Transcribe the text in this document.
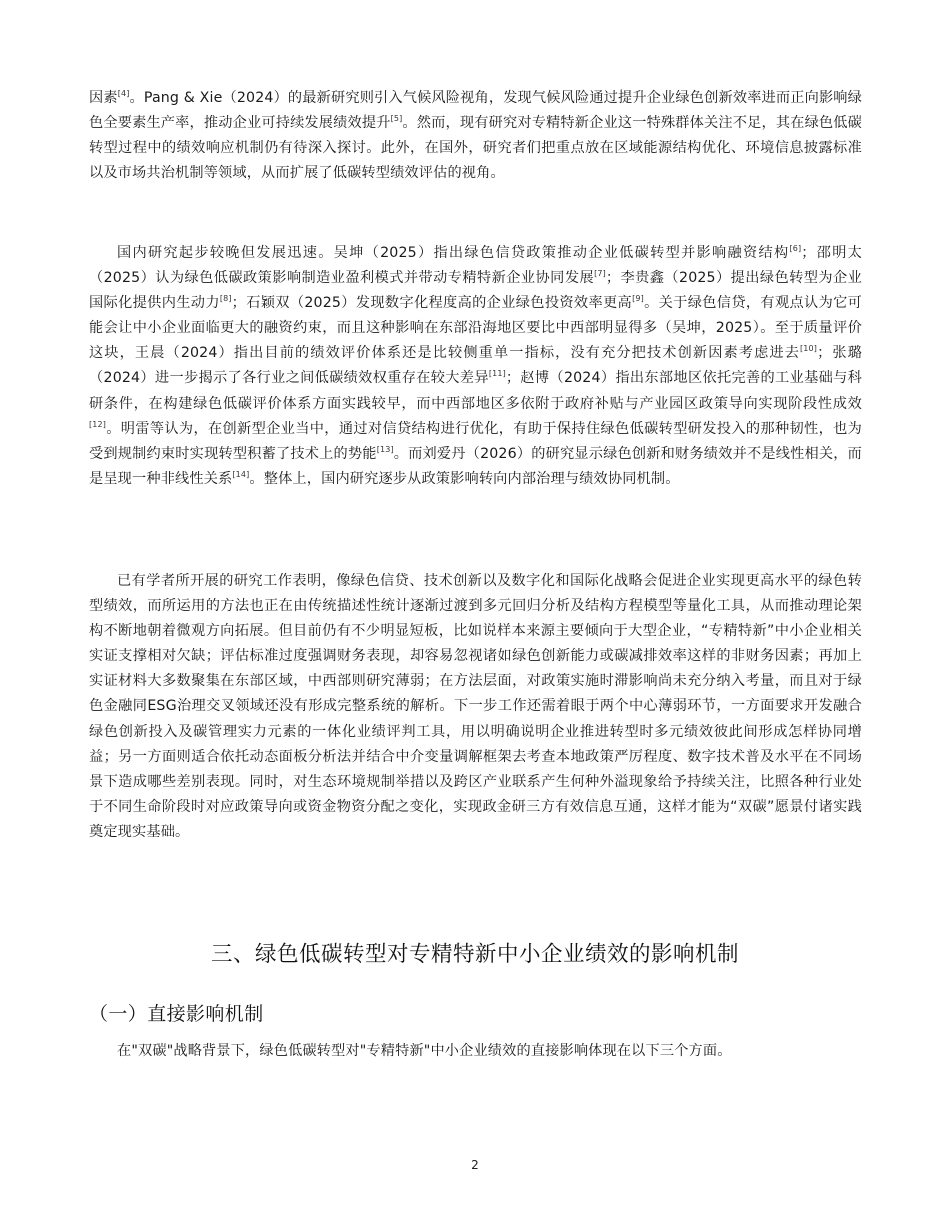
因素[4]。Pang & Xie（2024）的最新研究则引入气候风险视角，发现气候风险通过提升企业绿色创新效率进而正向影响绿色全要素生产率，推动企业可持续发展绩效提升[5]。然而，现有研究对专精特新企业这一特殊群体关注不足，其在绿色低碳转型过程中的绩效响应机制仍有待深入探讨。此外，在国外，研究者们把重点放在区域能源结构优化、环境信息披露标准以及市场共治机制等领域，从而扩展了低碳转型绩效评估的视角。

国内研究起步较晚但发展迅速。吴坤（2025）指出绿色信贷政策推动企业低碳转型并影响融资结构[6]；邵明太（2025）认为绿色低碳政策影响制造业盈利模式并带动专精特新企业协同发展[7]；李贵鑫（2025）提出绿色转型为企业国际化提供内生动力[8]；石颖双（2025）发现数字化程度高的企业绿色投资效率更高[9]。关于绿色信贷，有观点认为它可能会让中小企业面临更大的融资约束，而且这种影响在东部沿海地区要比中西部明显得多（吴坤，2025）。至于质量评价这块，王晨（2024）指出目前的绩效评价体系还是比较侧重单一指标，没有充分把技术创新因素考虑进去[10]；张璐（2024）进一步揭示了各行业之间低碳绩效权重存在较大差异[11]；赵博（2024）指出东部地区依托完善的工业基础与科研条件，在构建绿色低碳评价体系方面实践较早，而中西部地区多依附于政府补贴与产业园区政策导向实现阶段性成效[12]。明雷等认为，在创新型企业当中，通过对信贷结构进行优化，有助于保持住绿色低碳转型研发投入的那种韧性，也为受到规制约束时实现转型积蓄了技术上的势能[13]。而刘爱丹（2026）的研究显示绿色创新和财务绩效并不是线性相关，而是呈现一种非线性关系[14]。整体上，国内研究逐步从政策影响转向内部治理与绩效协同机制。

已有学者所开展的研究工作表明，像绿色信贷、技术创新以及数字化和国际化战略会促进企业实现更高水平的绿色转型绩效，而所运用的方法也正在由传统描述性统计逐渐过渡到多元回归分析及结构方程模型等量化工具，从而推动理论架构不断地朝着微观方向拓展。但目前仍有不少明显短板，比如说样本来源主要倾向于大型企业，“专精特新”中小企业相关实证支撑相对欠缺；评估标准过度强调财务表现，却容易忽视诸如绿色创新能力或碳减排效率这样的非财务因素；再加上实证材料大多数聚集在东部区域，中西部则研究薄弱；在方法层面，对政策实施时滞影响尚未充分纳入考量，而且对于绿色金融同ESG治理交叉领域还没有形成完整系统的解析。下一步工作还需着眼于两个中心薄弱环节，一方面要求开发融合绿色创新投入及碳管理实力元素的一体化业绩评判工具，用以明确说明企业推进转型时多元绩效彼此间形成怎样协同增益；另一方面则适合依托动态面板分析法并结合中介变量调解框架去考查本地政策严厉程度、数字技术普及水平在不同场景下造成哪些差别表现。同时，对生态环境规制举措以及跨区产业联系产生何种外溢现象给予持续关注，比照各种行业处于不同生命阶段时对应政策导向或资金物资分配之变化，实现政金研三方有效信息互通，这样才能为“双碳”愿景付诸实践奠定现实基础。

三、绿色低碳转型对专精特新中小企业绩效的影响机制
（一）直接影响机制

在"双碳"战略背景下，绿色低碳转型对"专精特新"中小企业绩效的直接影响体现在以下三个方面。

2
